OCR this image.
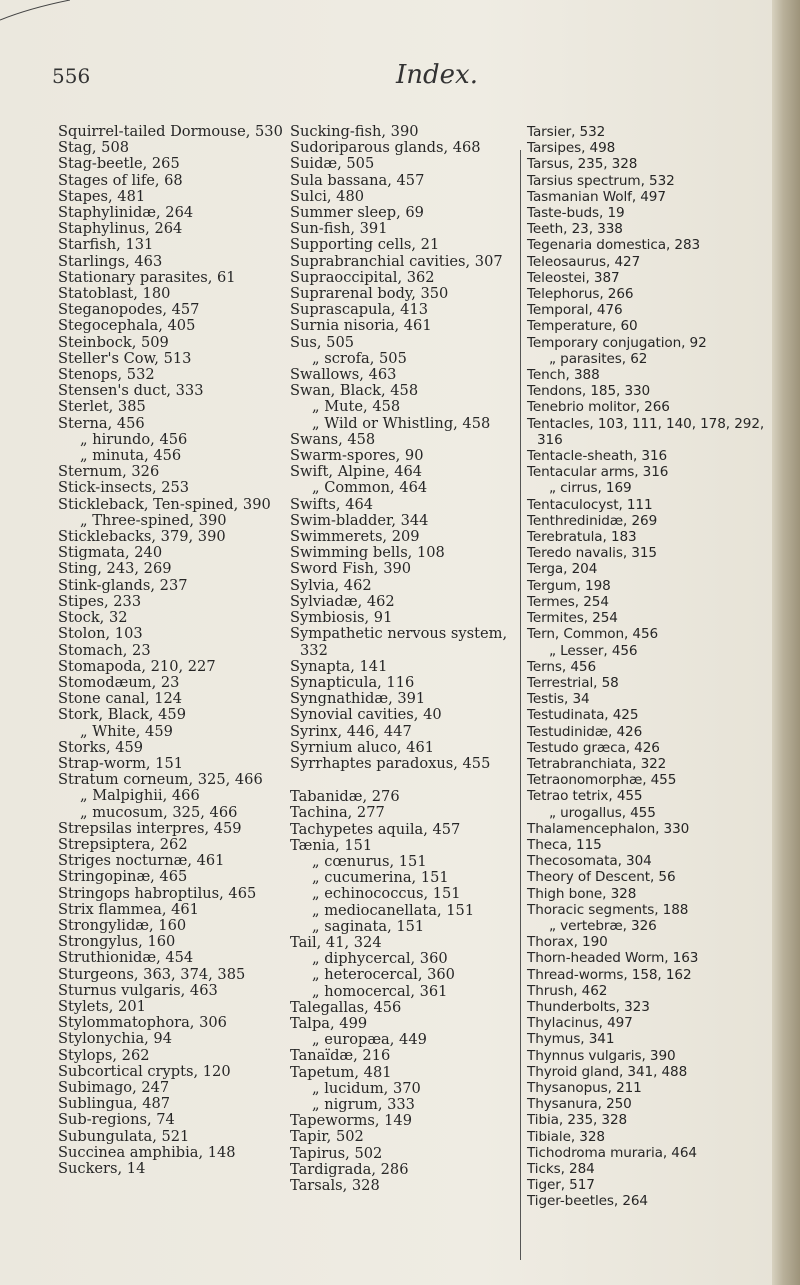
556	Index.
Squirrel-tailed Dormouse, 530
Stag, 508
Stag-beetle, 265
Stages of life, 68
Stapes, 481
Staphylinidæ, 264
Staphylinus, 264
Starfish, 131
Starlings, 463
Stationary parasites, 61
Statoblast, 180
Steganopodes, 457
Stegocephala, 405
Steinbock, 509
Steller's Cow, 513
Stenops, 532
Stensen's duct, 333
Sterlet, 385
Sterna, 456
„ hirundo, 456
„ minuta, 456
Sternum, 326
Stick-insects, 253
Stickleback, Ten-spined, 390
„ Three-spined, 390
Sticklebacks, 379, 390
Stigmata, 240
Sting, 243, 269
Stink-glands, 237
Stipes, 233
Stock, 32
Stolon, 103
Stomach, 23
Stomapoda, 210, 227
Stomodæum, 23
Stone canal, 124
Stork, Black, 459
„ White, 459
Storks, 459
Strap-worm, 151
Stratum corneum, 325, 466
„ Malpighii, 466
„ mucosum, 325, 466
Strepsilas interpres, 459
Strepsiptera, 262
Striges nocturnæ, 461
Stringopinæ, 465
Stringops habroptilus, 465
Strix flammea, 461
Strongylidæ, 160
Strongylus, 160
Struthionidæ, 454
Sturgeons, 363, 374, 385
Sturnus vulgaris, 463
Stylets, 201
Stylommatophora, 306
Stylonychia, 94
Stylops, 262
Subcortical crypts, 120
Subimago, 247
Sublingua, 487
Sub-regions, 74
Subungulata, 521
Succinea amphibia, 148
Suckers, 14
Sucking-fish, 390
Sudoriparous glands, 468
Suidæ, 505
Sula bassana, 457
Sulci, 480
Summer sleep, 69
Sun-fish, 391
Supporting cells, 21
Suprabranchial cavities, 307
Supraoccipital, 362
Suprarenal body, 350
Suprascapula, 413
Surnia nisoria, 461
Sus, 505
„ scrofa, 505
Swallows, 463
Swan, Black, 458
„ Mute, 458
„ Wild or Whistling, 458
Swans, 458
Swarm-spores, 90
Swift, Alpine, 464
„ Common, 464
Swifts, 464
Swim-bladder, 344
Swimmerets, 209
Swimming bells, 108
Sword Fish, 390
Sylvia, 462
Sylviadæ, 462
Symbiosis, 91
Sympathetic nervous system, 332
Synapta, 141
Synapticula, 116
Syngnathidæ, 391
Synovial cavities, 40
Syrinx, 446, 447
Syrnium aluco, 461
Syrrhaptes paradoxus, 455
Tabanidæ, 276
Tachina, 277
Tachypetes aquila, 457
Tænia, 151
„ cœnurus, 151
„ cucumerina, 151
„ echinococcus, 151
„ mediocanellata, 151
„ saginata, 151
Tail, 41, 324
„ diphycercal, 360
„ heterocercal, 360
„ homocercal, 361
Talegallas, 456
Talpa, 499
„ europæa, 449
Tanaïdæ, 216
Tapetum, 481
„ lucidum, 370
„ nigrum, 333
Tapeworms, 149
Tapir, 502
Tapirus, 502
Tardigrada, 286
Tarsals, 328
Tarsier, 532
Tarsipes, 498
Tarsus, 235, 328
Tarsius spectrum, 532
Tasmanian Wolf, 497
Taste-buds, 19
Teeth, 23, 338
Tegenaria domestica, 283
Teleosaurus, 427
Teleostei, 387
Telephorus, 266
Temporal, 476
Temperature, 60
Temporary conjugation, 92
„ parasites, 62
Tench, 388
Tendons, 185, 330
Tenebrio molitor, 266
Tentacles, 103, 111, 140, 178, 292, 316
Tentacle-sheath, 316
Tentacular arms, 316
„ cirrus, 169
Tentaculocyst, 111
Tenthredinidæ, 269
Terebratula, 183
Teredo navalis, 315
Terga, 204
Tergum, 198
Termes, 254
Termites, 254
Tern, Common, 456
„ Lesser, 456
Terns, 456
Terrestrial, 58
Testis, 34
Testudinata, 425
Testudinidæ, 426
Testudo græca, 426
Tetrabranchiata, 322
Tetraonomorphæ, 455
Tetrao tetrix, 455
„ urogallus, 455
Thalamencephalon, 330
Theca, 115
Thecosomata, 304
Theory of Descent, 56
Thigh bone, 328
Thoracic segments, 188
„ vertebræ, 326
Thorax, 190
Thorn-headed Worm, 163
Thread-worms, 158, 162
Thrush, 462
Thunderbolts, 323
Thylacinus, 497
Thymus, 341
Thynnus vulgaris, 390
Thyroid gland, 341, 488
Thysanopus, 211
Thysanura, 250
Tibia, 235, 328
Tibiale, 328
Tichodroma muraria, 464
Ticks, 284
Tiger, 517
Tiger-beetles, 264
